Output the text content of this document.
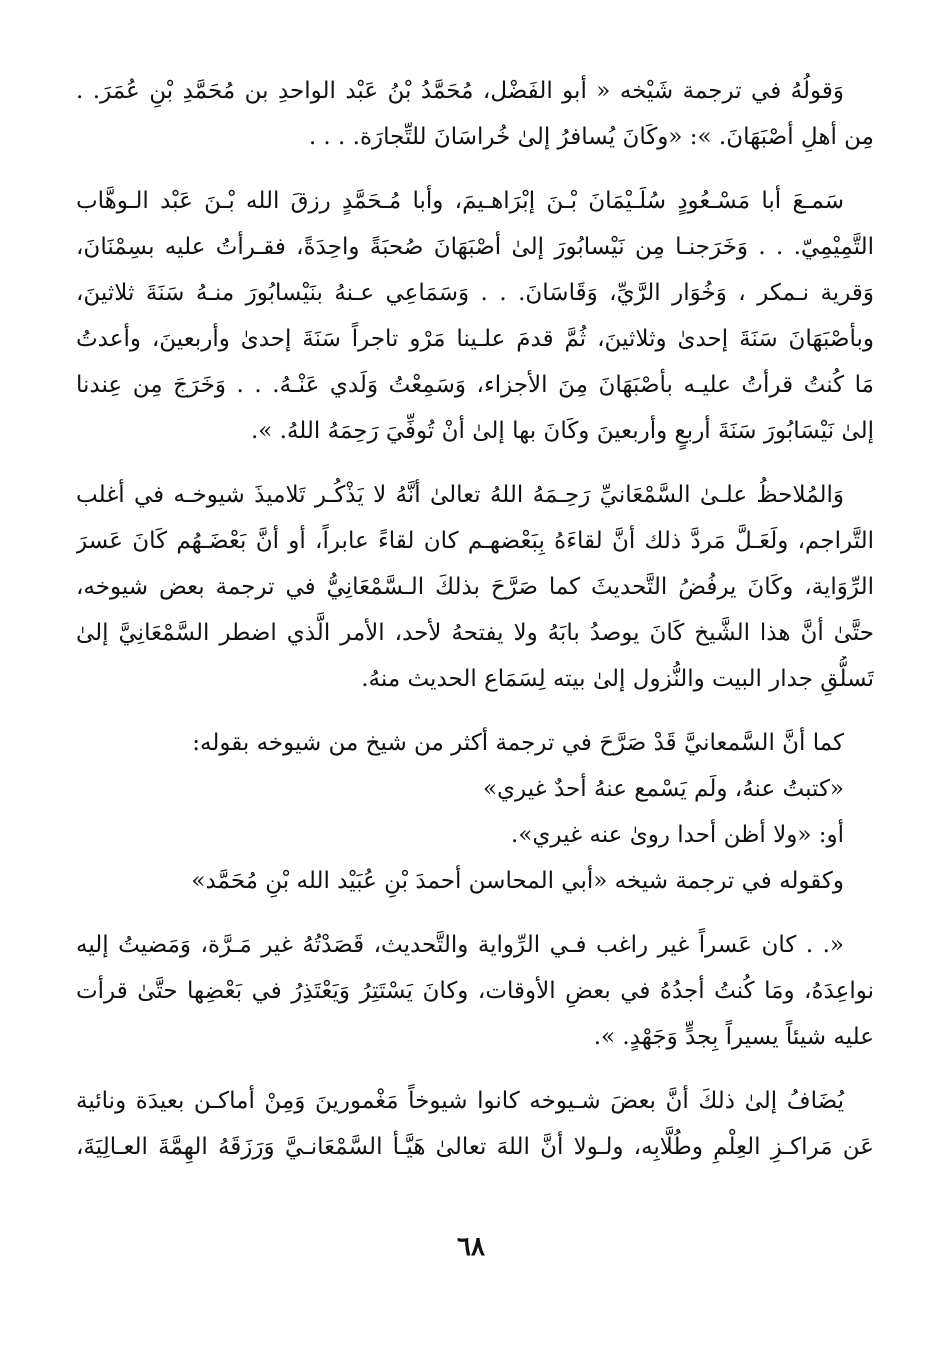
وَقولُهُ في ترجمة شَيْخه « أبو الفَضْل، مُحَمَّدُ بْنُ عَبْد الواحدِ بن مُحَمَّدِ بْنِ عُمَرَ. .
مِن أهلِ أصْبَهَانَ. »: «وكَانَ يُسافرُ إلىٰ خُراسَانَ للتِّجارَة. . . .
سَمـعَ أبا مَسْـعُودٍ سُلَـيْمَانَ بْـنَ إبْرَاهـيمَ، وأبا مُـحَمَّدٍ رزقَ الله بْـنَ عَبْد الـوهَّاب
التَّمِيْمِيّ. . . وَخَرَجنـا مِن نَيْسابُورَ إلىٰ أصْبَهَانَ صُحبَةً واحِدَةً، فقـرأتُ عليه بسِمْنَانَ،
وَقرية نـمكر ، وَخُوَار الرَّيِّ، وَقَاسَانَ. . . وَسَمَاعِي عـنهُ بنَيْسابُورَ منـهُ سَنَةَ ثلاثينَ،
وبأصْبَهَانَ سَنَةَ إحدىٰ وثلاثينَ، ثُمَّ قدمَ علـينا مَرْو تاجراً سَنَةَ إحدىٰ وأربعينَ، وأعدتُ
مَا كُنتُ قرأتُ عليـه بأصْبَهَانَ مِنَ الأجزاء، وَسَمِعْتُ وَلَدي عَنْـهُ. . . وَخَرَجَ مِن عِندنا
إلىٰ نَيْسَابُورَ سَنَةَ أربعٍ وأربعينَ وكَانَ بها إلىٰ أنْ تُوفِّيَ رَحِمَهُ اللهُ. ».
وَالمُلاحظُ علـىٰ السَّمْعَانيِّ رَحِـمَهُ اللهُ تعالىٰ أنَّهُ لا يَذْكُـر تَلاميذَ شيوخـه في أغلب
التَّراجم، ولَعَـلَّ مَردَّ ذلك أنَّ لقاءَهُ بِبَعْضهـم كان لقاءً عابراً، أو أنَّ بَعْضَـهُم كَانَ عَسرَ
الرِّوَاية، وكَانَ يرفُضُ التَّحديثَ كما صَرَّحَ بذلكَ الـسَّمْعَانِيُّ في ترجمة بعض شيوخه،
حتَّىٰ أنَّ هذا الشَّيخ كَانَ يوصدُ بابَهُ ولا يفتحهُ لأحد، الأمر الَّذي اضطر السَّمْعَانِيَّ إلىٰ
تَسلُّقِ جدار البيت والنُّزول إلىٰ بيته لِسَمَاع الحديث منهُ.
كما أنَّ السَّمعانيَّ قَدْ صَرَّحَ في ترجمة أكثر من شيخ من شيوخه بقوله:
«كتبتُ عنهُ، ولَم يَسْمع عنهُ أحدٌ غيري»
أو: «ولا أظن أحدا روىٰ عنه غيري».
وكقوله في ترجمة شيخه «أبي المحاسن أحمدَ بْنِ عُبَيْد الله بْنِ مُحَمَّد»
«. . كان عَسراً غير راغب فـي الرِّواية والتَّحديث، قَصَدْتُهُ غير مَـرَّة، وَمَضيتُ إليه
نواعِدَهُ، ومَا كُنتُ أجدُهُ في بعضِ الأوقات، وكانَ يَسْتَتِرُ وَيَعْتَذِرُ في بَعْضِها حتَّىٰ قرأت
عليه شيئاً يسيراً بِجدٍّ وَجَهْدٍ. ».
يُضَافُ إلىٰ ذلكَ أنَّ بعضَ شـيوخه كانوا شيوخاً مَغْمورينَ وَمِنْ أماكـن بعيدَة ونائية
عَن مَراكـزِ العِلْمِ وطُلَّابِه، ولـولا أنَّ اللهَ تعالىٰ هَيَّـأ السَّمْعَانـيَّ وَرَزَقَهُ الهِمَّةَ العـالِيَةَ،
٦٨
